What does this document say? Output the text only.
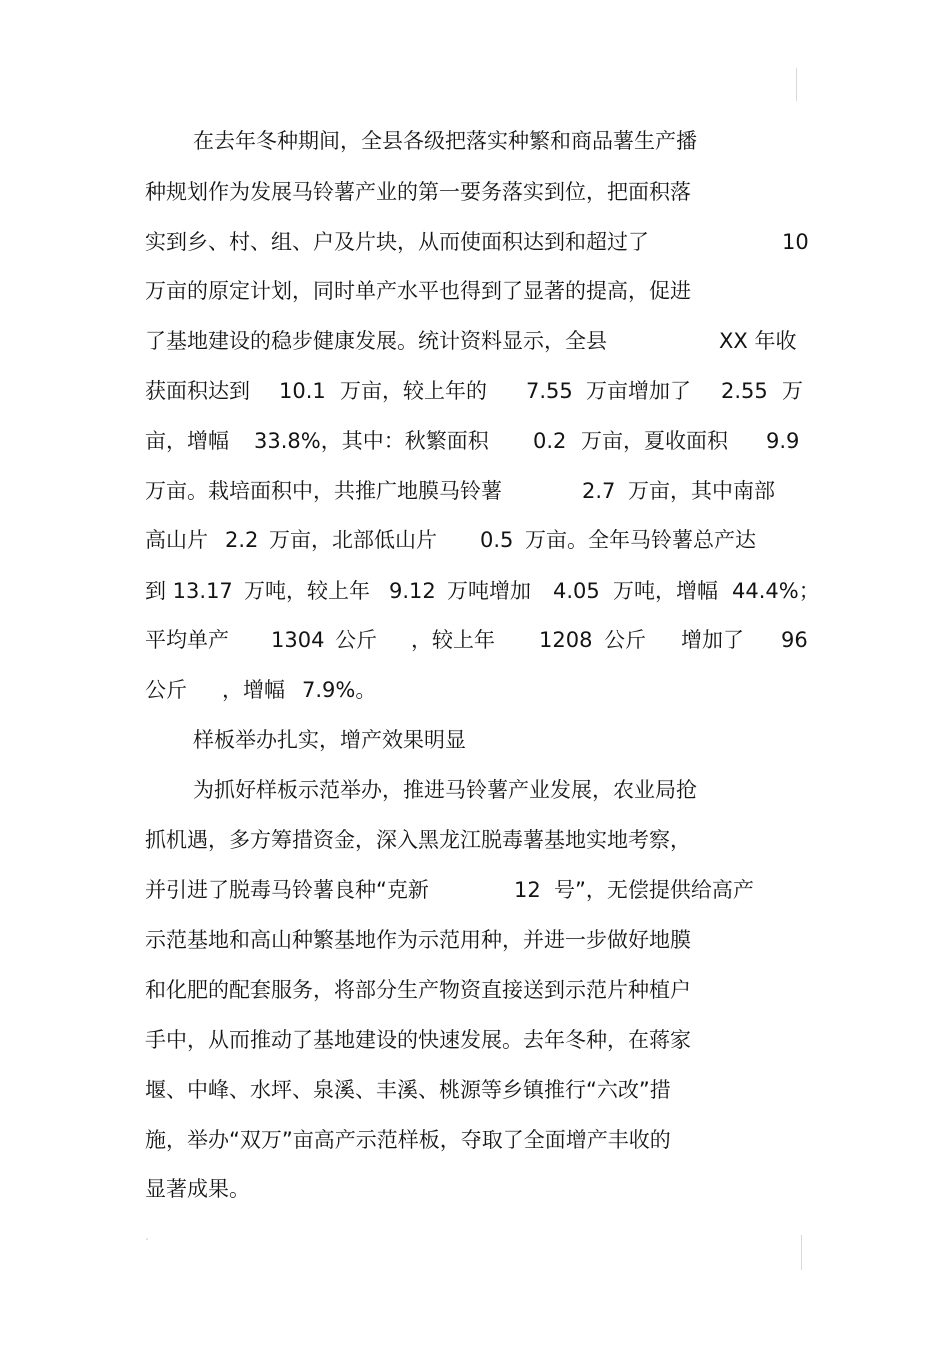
在去年冬种期间，全县各级把落实种繁和商品薯生产播
种规划作为发展马铃薯产业的第一要务落实到位，把面积落
实到乡、村、组、户及片块，从而使面积达到和超过了	10
万亩的原定计划，同时单产水平也得到了显著的提高，促进
了基地建设的稳步健康发展。统计资料显示，全县	XX 年收
获面积达到 10.1 万亩，较上年的 7.55 万亩增加了 2.55 万
亩，增幅 33.8%，其中：秋繁面积 0.2 万亩，夏收面积 9.9
万亩。栽培面积中，共推广地膜马铃薯	2.7 万亩，其中南部
高山片 2.2 万亩，北部低山片 0.5 万亩。全年马铃薯总产达
到 13.17 万吨，较上年 9.12 万吨增加 4.05 万吨，增幅 44.4%；
平均单产 1304 公斤 ，较上年 1208 公斤 增加了 96
公斤 ，增幅 7.9%。
样板举办扎实，增产效果明显
为抓好样板示范举办，推进马铃薯产业发展，农业局抢
抓机遇，多方筹措资金，深入黑龙江脱毒薯基地实地考察，
并引进了脱毒马铃薯良种“克新	12 号”，无偿提供给高产
示范基地和高山种繁基地作为示范用种，并进一步做好地膜
和化肥的配套服务，将部分生产物资直接送到示范片种植户
手中，从而推动了基地建设的快速发展。去年冬种，在蒋家
堰、中峰、水坪、泉溪、丰溪、桃源等乡镇推行“六改”措
施，举办“双万”亩高产示范样板，夺取了全面增产丰收的
显著成果。
